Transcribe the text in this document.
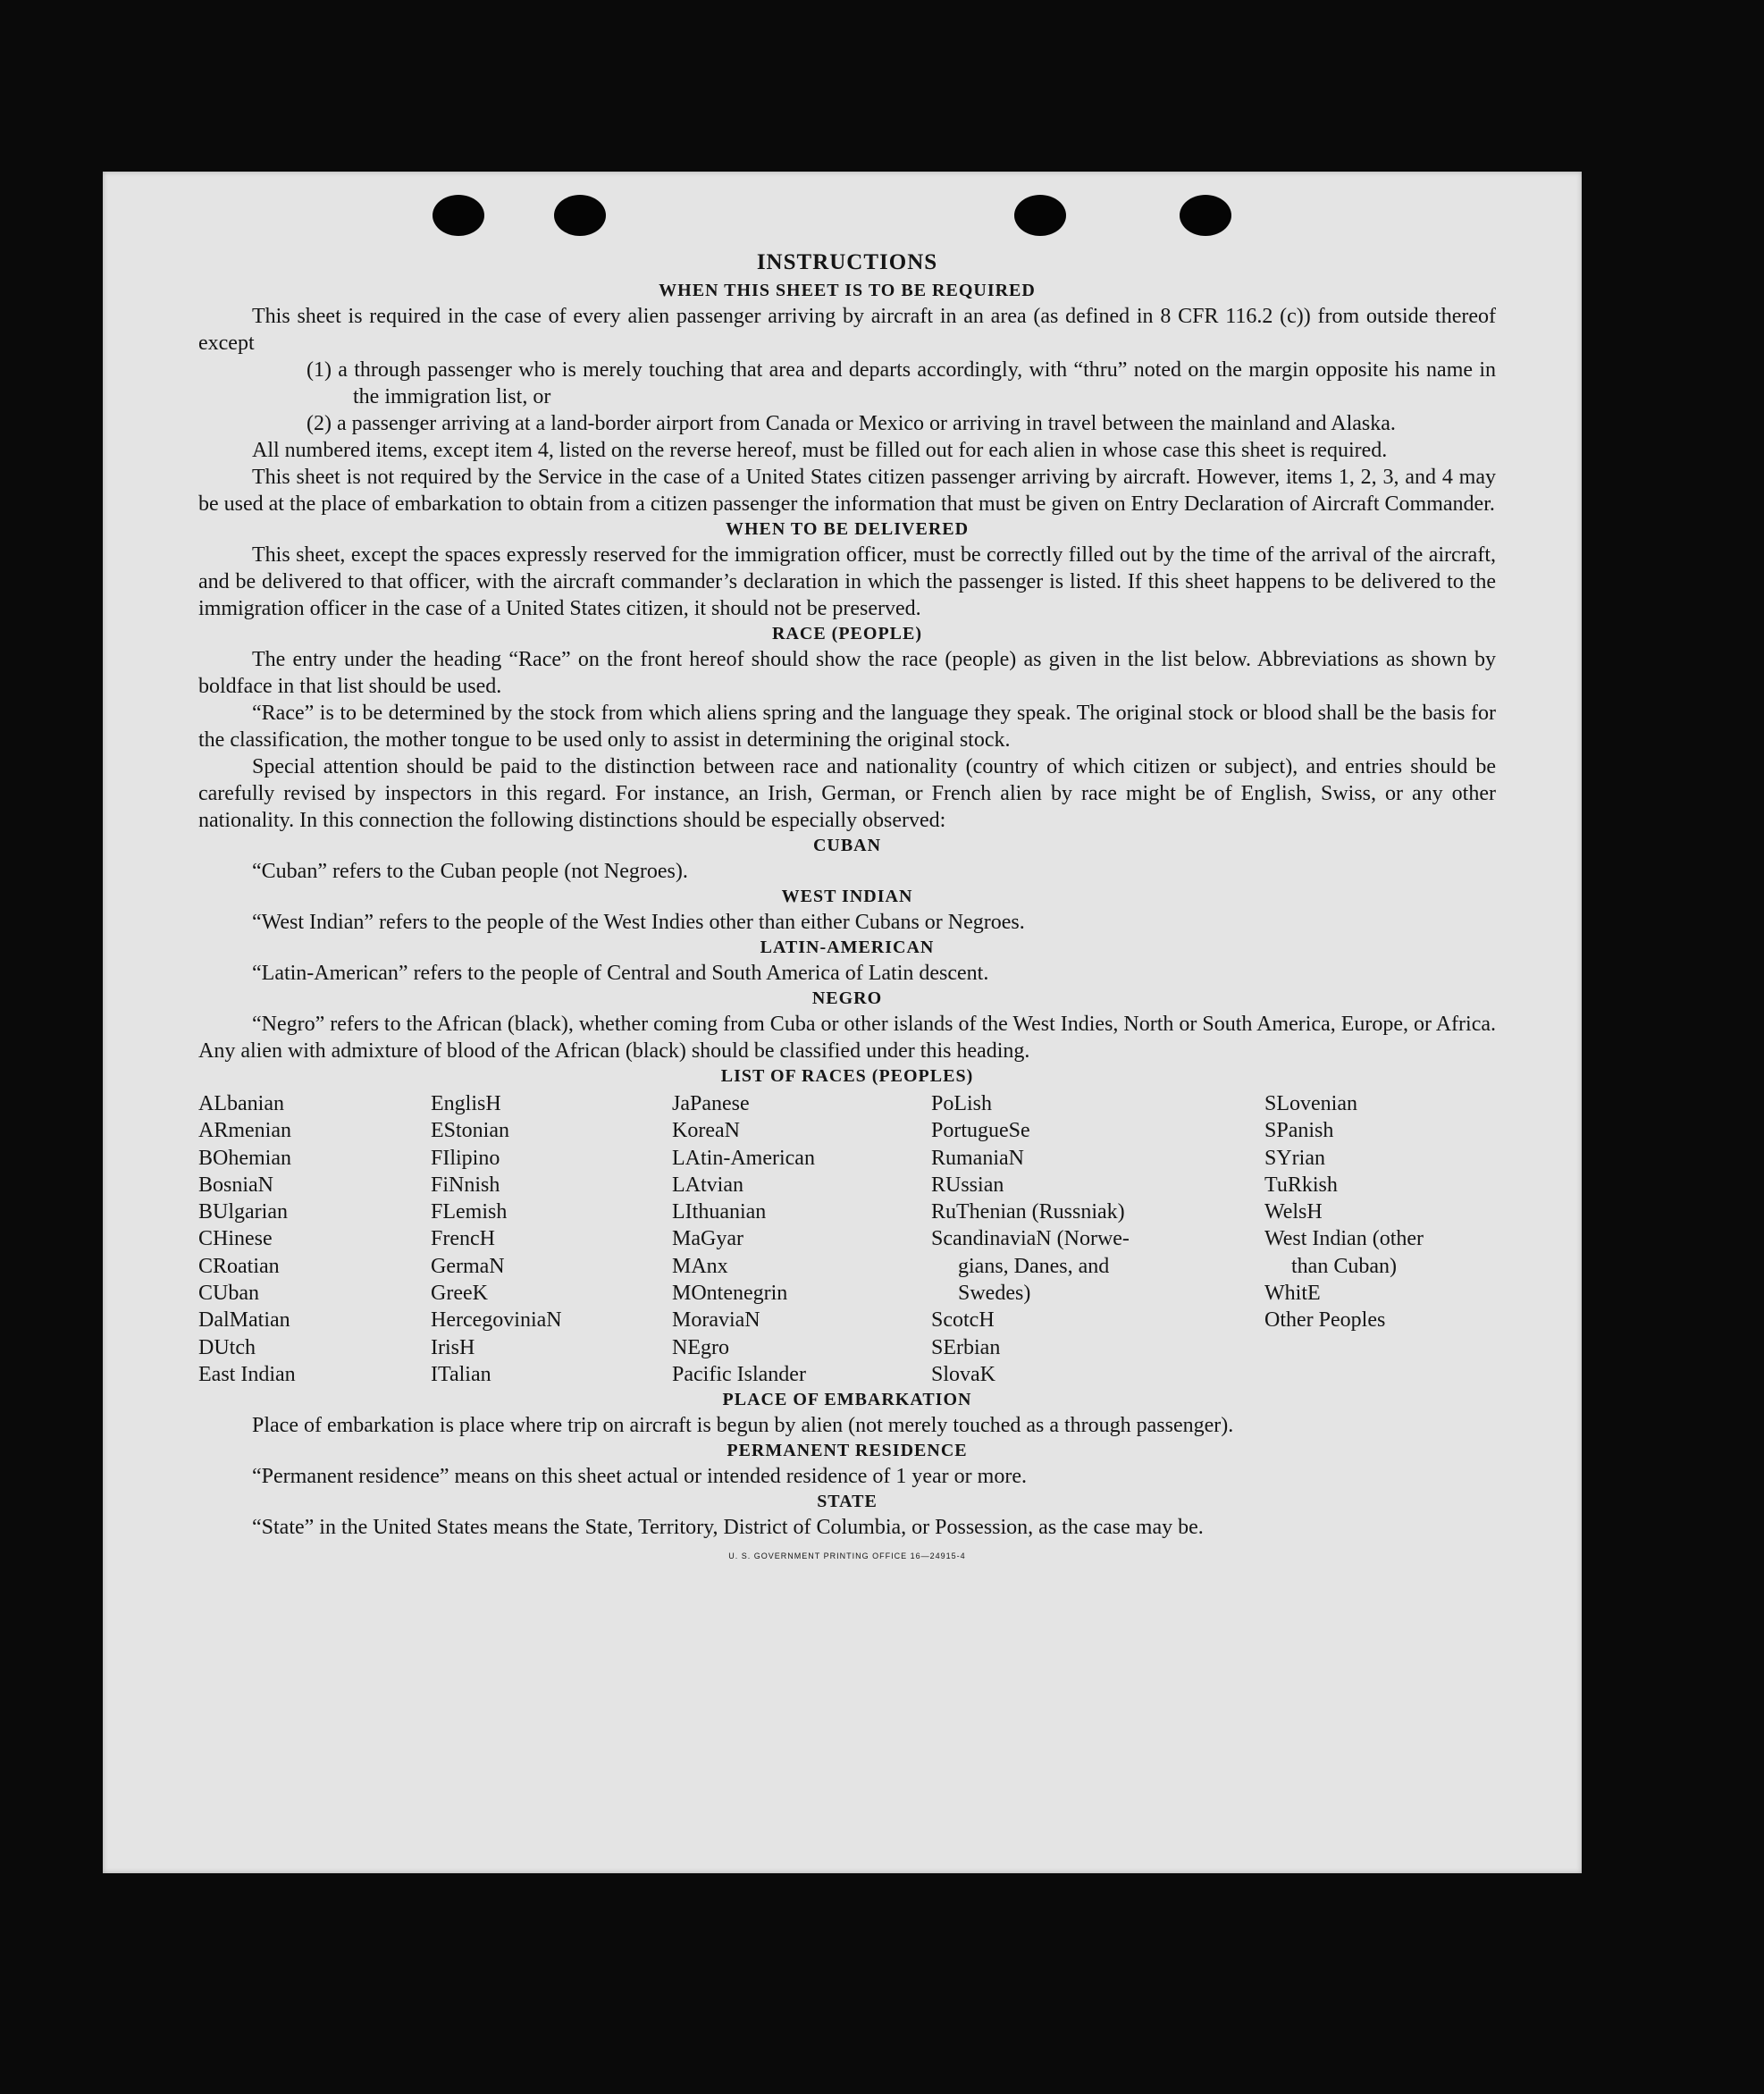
INSTRUCTIONS
WHEN THIS SHEET IS TO BE REQUIRED

This sheet is required in the case of every alien passenger arriving by aircraft in an area (as defined in 8 CFR 116.2 (c)) from outside thereof except

(1) a through passenger who is merely touching that area and departs accordingly, with “thru” noted on the margin opposite his name in the immigration list, or
(2) a passenger arriving at a land-border airport from Canada or Mexico or arriving in travel between the mainland and Alaska.

All numbered items, except item 4, listed on the reverse hereof, must be filled out for each alien in whose case this sheet is required.

This sheet is not required by the Service in the case of a United States citizen passenger arriving by aircraft. However, items 1, 2, 3, and 4 may be used at the place of embarkation to obtain from a citizen passenger the information that must be given on Entry Declaration of Aircraft Commander.

WHEN TO BE DELIVERED

This sheet, except the spaces expressly reserved for the immigration officer, must be correctly filled out by the time of the arrival of the aircraft, and be delivered to that officer, with the aircraft commander’s declaration in which the passenger is listed. If this sheet happens to be delivered to the immigration officer in the case of a United States citizen, it should not be preserved.

RACE (PEOPLE)

The entry under the heading “Race” on the front hereof should show the race (people) as given in the list below. Abbreviations as shown by boldface in that list should be used.

“Race” is to be determined by the stock from which aliens spring and the language they speak. The original stock or blood shall be the basis for the classification, the mother tongue to be used only to assist in determining the original stock.

Special attention should be paid to the distinction between race and nationality (country of which citizen or subject), and entries should be carefully revised by inspectors in this regard. For instance, an Irish, German, or French alien by race might be of English, Swiss, or any other nationality. In this connection the following distinctions should be especially observed:

CUBAN

“Cuban” refers to the Cuban people (not Negroes).

WEST INDIAN

“West Indian” refers to the people of the West Indies other than either Cubans or Negroes.

LATIN-AMERICAN

“Latin-American” refers to the people of Central and South America of Latin descent.

NEGRO

“Negro” refers to the African (black), whether coming from Cuba or other islands of the West Indies, North or South America, Europe, or Africa. Any alien with admixture of blood of the African (black) should be classified under this heading.

LIST OF RACES (PEOPLES)
ALbanian
ARmenian
BOhemian
BosniaN
BUlgarian
CHinese
CRoatian
CUban
DalMatian
DUtch
East Indian
EnglisH
EStonian
FIlipino
FiNnish
FLemish
FrencH
GermaN
GreeK
HercegoviniaN
IrisH
ITalian
JaPanese
KoreaN
LAtin-American
LAtvian
LIthuanian
MaGyar
MAnx
MOntenegrin
MoraviaN
NEgro
Pacific Islander
PoLish
PortugueSe
RumaniaN
RUssian
RuThenian (Russniak)
ScandinaviaN (Norwe-
gians, Danes, and
Swedes)
ScotcH
SErbian
SlovaK
SLovenian
SPanish
SYrian
TuRkish
WelsH
West Indian (other
than Cuban)
WhitE
Other Peoples

PLACE OF EMBARKATION

Place of embarkation is place where trip on aircraft is begun by alien (not merely touched as a through passenger).

PERMANENT RESIDENCE

“Permanent residence” means on this sheet actual or intended residence of 1 year or more.

STATE

“State” in the United States means the State, Territory, District of Columbia, or Possession, as the case may be.

U. S. GOVERNMENT PRINTING OFFICE 16—24915-4
